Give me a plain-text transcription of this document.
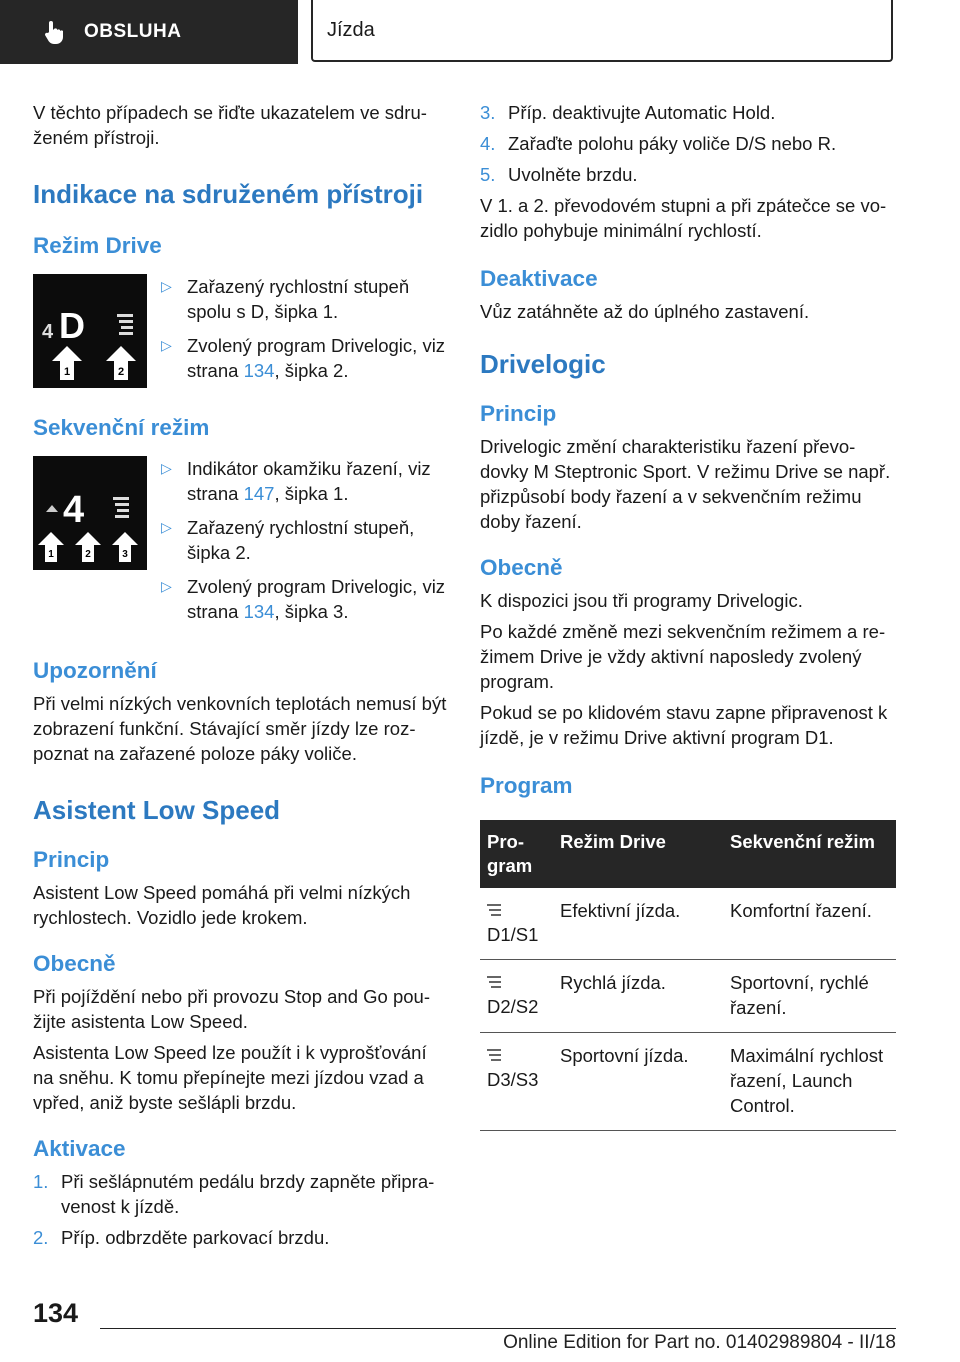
OBSLUHA	Jízda

V těchto případech se řiďte ukazatelem ve sdruženém přístroji.

Indikace na sdruženém přístroji
Režim Drive
4 D
1	2
▷ Zařazený rychlostní stupeň spolu s D, šipka 1.
▷ Zvolený program Drivelogic, viz strana 134, šipka 2.
Sekvenční režim
4
1	2	3
▷ Indikátor okamžiku řazení, viz strana 147, šipka 1.
▷ Zařazený rychlostní stupeň, šipka 2.
▷ Zvolený program Drivelogic, viz strana 134, šipka 3.
Upozornění

Při velmi nízkých venkovních teplotách nemusí být zobrazení funkční. Stávající směr jízdy lze rozpoznat na zařazené poloze páky voliče.

Asistent Low Speed
Princip

Asistent Low Speed pomáhá při velmi nízkých rychlostech. Vozidlo jede krokem.

Obecně

Při pojíždění nebo při provozu Stop and Go použijte asistenta Low Speed.

Asistenta Low Speed lze použít i k vyprošťování na sněhu. K tomu přepínejte mezi jízdou vzad a vpřed, aniž byste sešlápli brzdu.

Aktivace
1. Při sešlápnutém pedálu brzdy zapněte připravenost k jízdě.
2. Příp. odbrzděte parkovací brzdu.
3. Příp. deaktivujte Automatic Hold.
4. Zařaďte polohu páky voliče D/S nebo R.
5. Uvolněte brzdu.

V 1. a 2. převodovém stupni a při zpátečce se vozidlo pohybuje minimální rychlostí.

Deaktivace

Vůz zatáhněte až do úplného zastavení.

Drivelogic
Princip

Drivelogic změní charakteristiku řazení převodovky M Steptronic Sport. V režimu Drive se např. přizpůsobí body řazení a v sekvenčním režimu doby řazení.

Obecně

K dispozici jsou tři programy Drivelogic.

Po každé změně mezi sekvenčním režimem a režimem Drive je vždy aktivní naposledy zvolený program.

Pokud se po klidovém stavu zapne připravenost k jízdě, je v režimu Drive aktivní program D1.

Program
Program	Režim Drive	Sekvenční režim

D1/S1	Efektivní jízda.	Komfortní řazení.

D2/S2	Rychlá jízda.	Sportovní, rychlé řazení.

D3/S3	Sportovní jízda.	Maximální rychlost řazení, Launch Control.
134
Online Edition for Part no. 01402989804 - II/18
